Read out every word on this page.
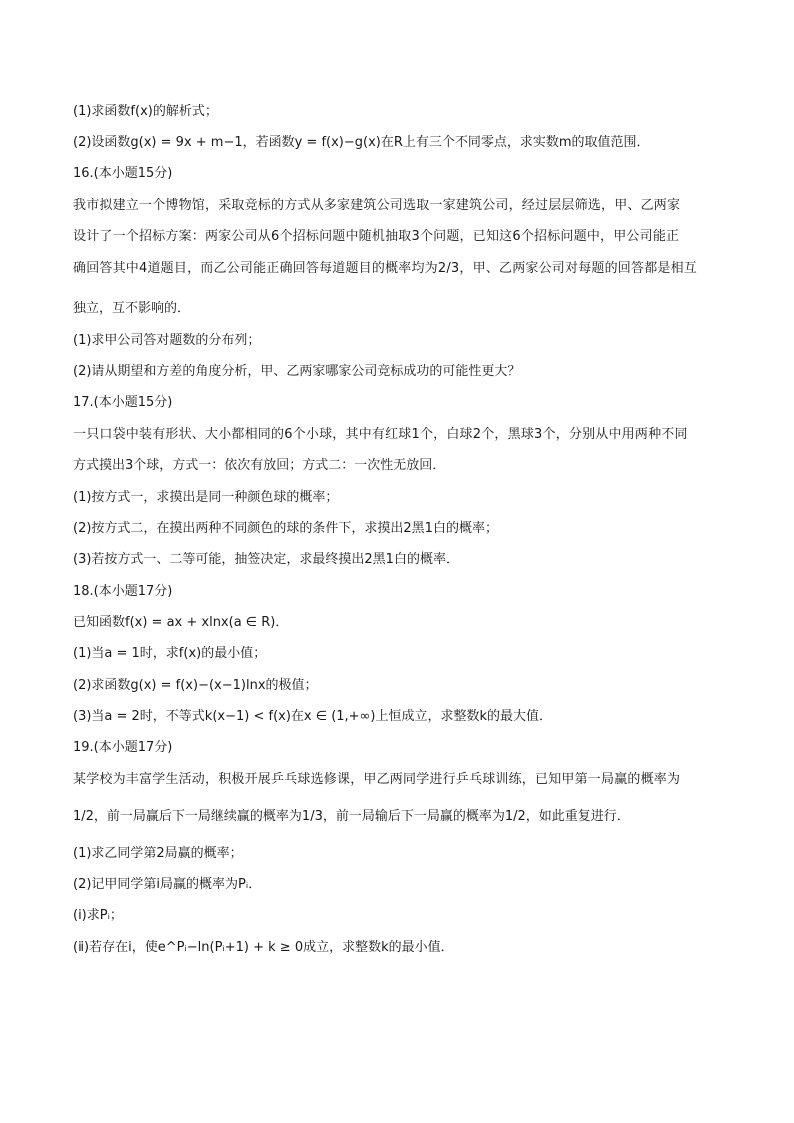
(1)求函数f(x)的解析式；
(2)设函数g(x) = 9x + m−1，若函数y = f(x)−g(x)在R上有三个不同零点，求实数m的取值范围．
16.(本小题15分)
我市拟建立一个博物馆，采取竞标的方式从多家建筑公司选取一家建筑公司，经过层层筛选，甲、乙两家
设计了一个招标方案：两家公司从6个招标问题中随机抽取3个问题，已知这6个招标问题中，甲公司能正
确回答其中4道题目，而乙公司能正确回答每道题目的概率均为2/3，甲、乙两家公司对每题的回答都是相互
独立，互不影响的．
(1)求甲公司答对题数的分布列；
(2)请从期望和方差的角度分析，甲、乙两家哪家公司竞标成功的可能性更大？
17.(本小题15分)
一只口袋中装有形状、大小都相同的6个小球，其中有红球1个，白球2个，黑球3个，分别从中用两种不同
方式摸出3个球，方式一：依次有放回；方式二：一次性无放回．
(1)按方式一，求摸出是同一种颜色球的概率；
(2)按方式二，在摸出两种不同颜色的球的条件下，求摸出2黑1白的概率；
(3)若按方式一、二等可能，抽签决定，求最终摸出2黑1白的概率．
18.(本小题17分)
已知函数f(x) = ax + xlnx(a ∈ R)．
(1)当a = 1时，求f(x)的最小值；
(2)求函数g(x) = f(x)−(x−1)lnx的极值；
(3)当a = 2时，不等式k(x−1) < f(x)在x ∈ (1,+∞)上恒成立，求整数k的最大值．
19.(本小题17分)
某学校为丰富学生活动，积极开展乒乓球选修课，甲乙两同学进行乒乓球训练，已知甲第一局赢的概率为
1/2，前一局赢后下一局继续赢的概率为1/3，前一局输后下一局赢的概率为1/2，如此重复进行．
(1)求乙同学第2局赢的概率；
(2)记甲同学第i局赢的概率为Pᵢ．
(ⅰ)求Pᵢ；
(ⅱ)若存在i，使e^Pᵢ−ln(Pᵢ+1) + k ≥ 0成立，求整数k的最小值．
